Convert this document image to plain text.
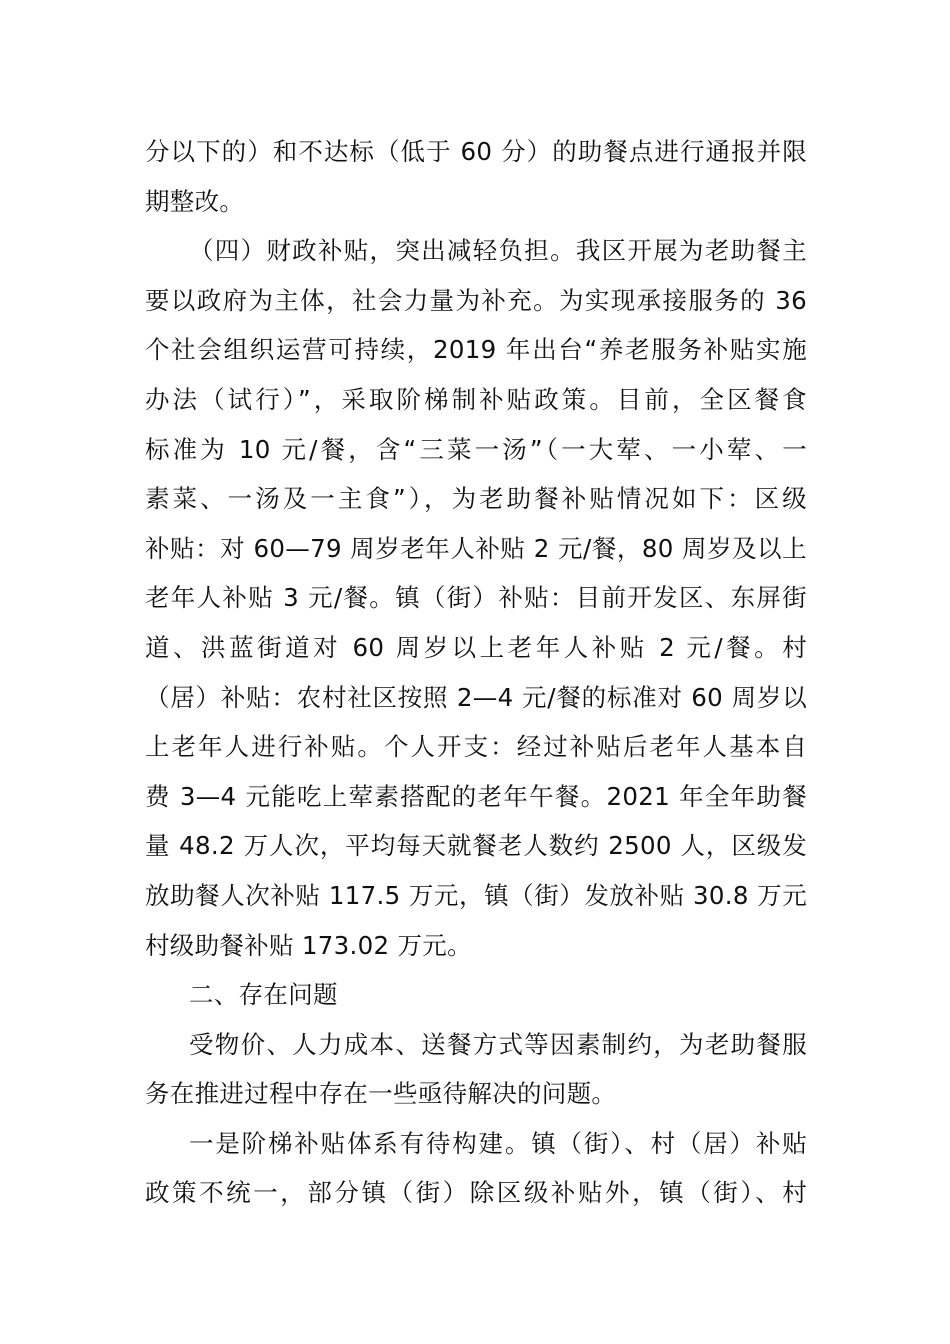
分以下的）和不达标（低于 60 分）的助餐点进行通报并限
期整改。
（四）财政补贴，突出减轻负担。我区开展为老助餐主
要以政府为主体，社会力量为补充。为实现承接服务的 36
个社会组织运营可持续，2019 年出台“养老服务补贴实施
办法（试行）”，采取阶梯制补贴政策。目前，全区餐食
标准为 10 元/餐，含“三菜一汤”（一大荤、一小荤、一
素菜、一汤及一主食”），为老助餐补贴情况如下：区级
补贴：对 60—79 周岁老年人补贴 2 元/餐，80 周岁及以上
老年人补贴 3 元/餐。镇（街）补贴：目前开发区、东屏街
道、洪蓝街道对 60 周岁以上老年人补贴 2 元/餐。村
（居）补贴：农村社区按照 2—4 元/餐的标准对 60 周岁以
上老年人进行补贴。个人开支：经过补贴后老年人基本自
费 3—4 元能吃上荤素搭配的老年午餐。2021 年全年助餐
量 48.2 万人次，平均每天就餐老人数约 2500 人，区级发
放助餐人次补贴 117.5 万元，镇（街）发放补贴 30.8 万元
村级助餐补贴 173.02 万元。
二、存在问题
受物价、人力成本、送餐方式等因素制约，为老助餐服
务在推进过程中存在一些亟待解决的问题。
一是阶梯补贴体系有待构建。镇（街）、村（居）补贴
政策不统一，部分镇（街）除区级补贴外，镇（街）、村
